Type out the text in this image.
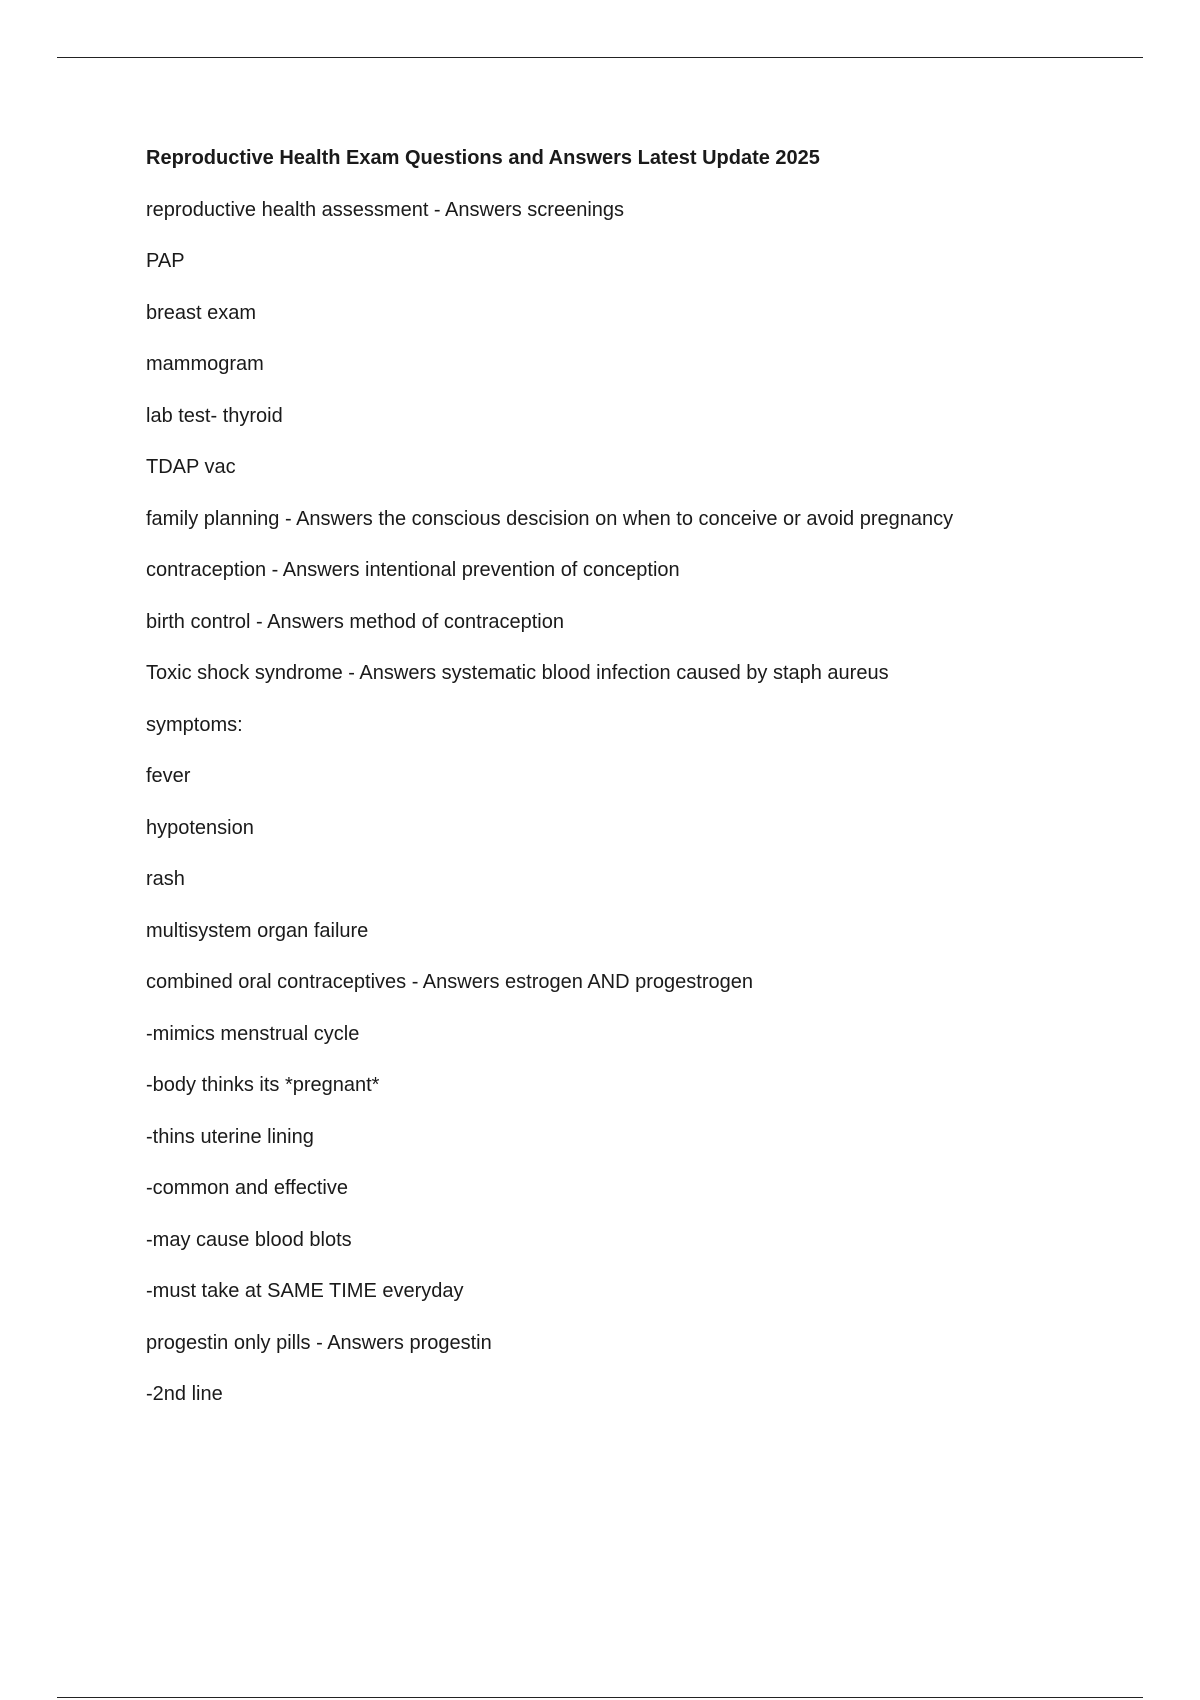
Reproductive Health Exam Questions and Answers Latest Update 2025
reproductive health assessment - Answers screenings
PAP
breast exam
mammogram
lab test- thyroid
TDAP vac
family planning - Answers the conscious descision on when to conceive or avoid pregnancy
contraception - Answers intentional prevention of conception
birth control - Answers method of contraception
Toxic shock syndrome - Answers systematic blood infection caused by staph aureus
symptoms:
fever
hypotension
rash
multisystem organ failure
combined oral contraceptives - Answers estrogen AND progestrogen
-mimics menstrual cycle
-body thinks its *pregnant*
-thins uterine lining
-common and effective
-may cause blood blots
-must take at SAME TIME everyday
progestin only pills - Answers progestin
-2nd line
